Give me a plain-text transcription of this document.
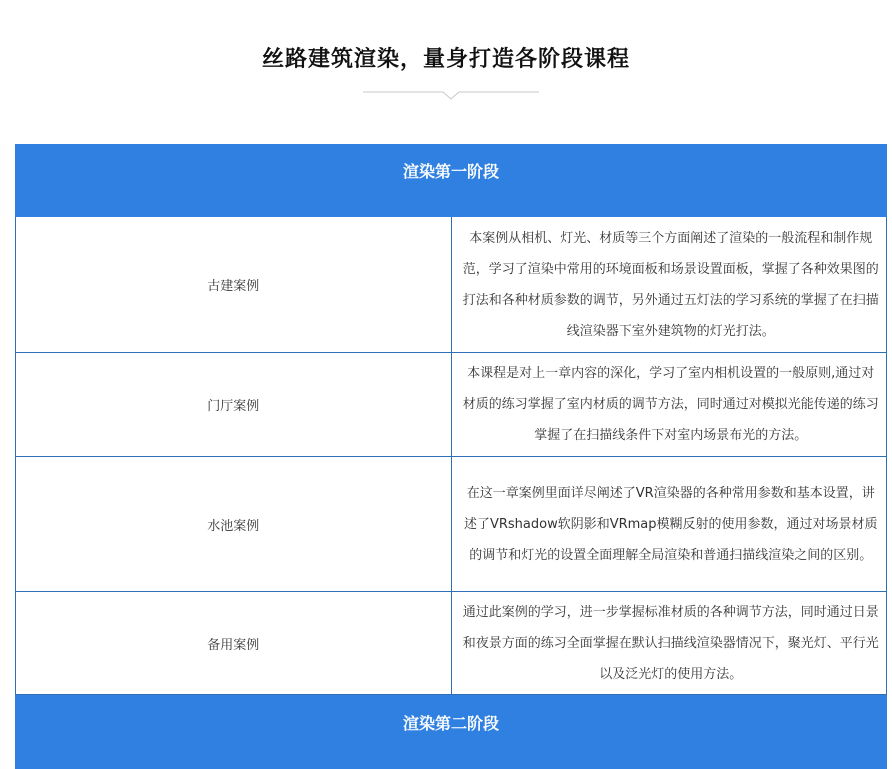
丝路建筑渲染，量身打造各阶段课程
渲染第一阶段	
古建案例	本案例从相机、灯光、材质等三个方面阐述了渲染的一般流程和制作规范，学习了渲染中常用的环境面板和场景设置面板，掌握了各种效果图的打法和各种材质参数的调节，另外通过五灯法的学习系统的掌握了在扫描线渲染器下室外建筑物的灯光打法。
门厅案例	本课程是对上一章内容的深化，学习了室内相机设置的一般原则,通过对材质的练习掌握了室内材质的调节方法，同时通过对模拟光能传递的练习掌握了在扫描线条件下对室内场景布光的方法。
水池案例	在这一章案例里面详尽阐述了VR渲染器的各种常用参数和基本设置，讲述了VRshadow软阴影和VRmap模糊反射的使用参数，通过对场景材质的调节和灯光的设置全面理解全局渲染和普通扫描线渲染之间的区别。
备用案例	通过此案例的学习，进一步掌握标准材质的各种调节方法，同时通过日景和夜景方面的练习全面掌握在默认扫描线渲染器情况下，聚光灯、平行光以及泛光灯的使用方法。
渲染第二阶段	
